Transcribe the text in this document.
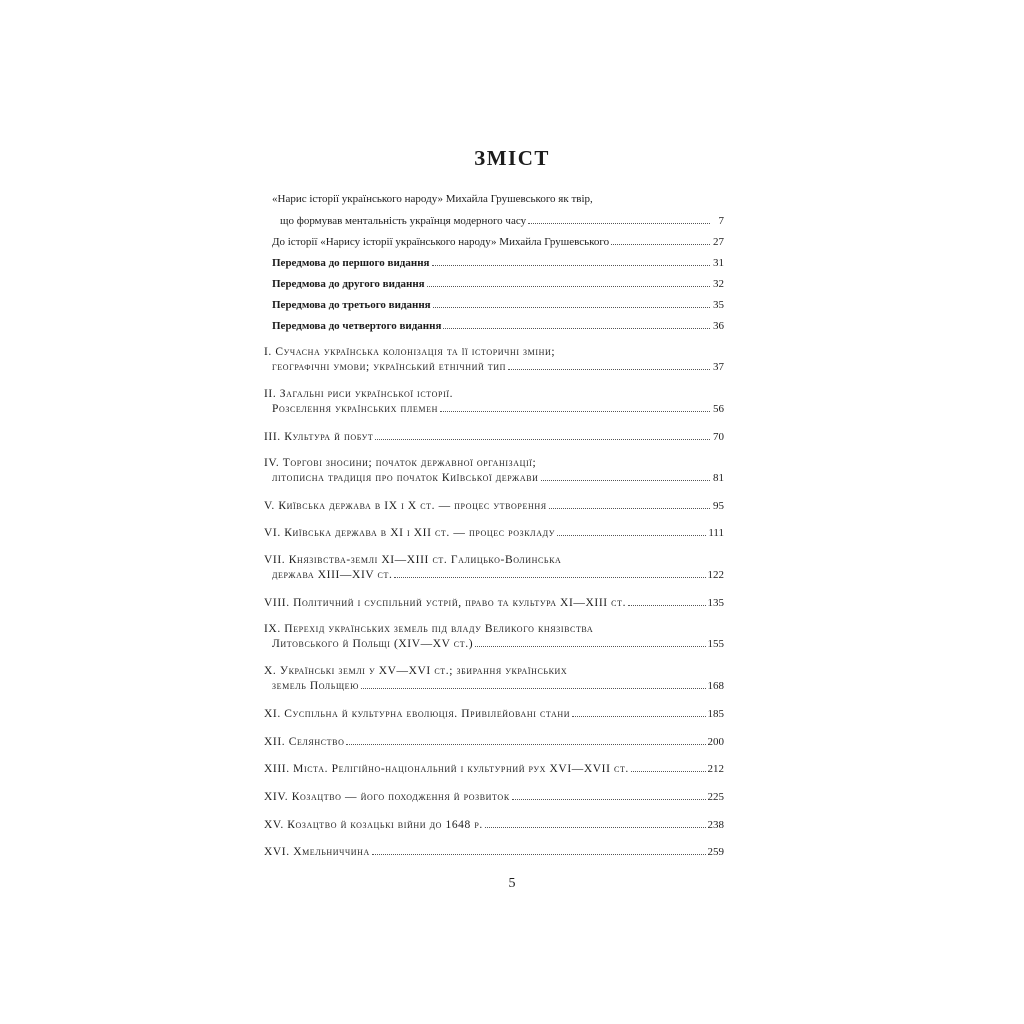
ЗМІСТ
«Нарис історії українського народу» Михайла Грушевського як твір,
що формував ментальність українця модерного часу	7
До історії «Нарису історії українського народу» Михайла Грушевського	27
Передмова до першого видання	31
Передмова до другого видання	32
Передмова до третього видання	35
Передмова до четвертого видання	36
I. Сучасна українська колонізація та її історичні зміни;
географічні умови; український етнічний тип	37
II. Загальні риси української історії.
Розселення українських племен	56
III. Культура й побут	70
IV. Торгові зносини; початок державної організації;
літописна традиція про початок Київської держави	81
V. Київська держава в IX і X ст. — процес утворення	95
VI. Київська держава в XI і XII ст. — процес розкладу	111
VII. Князівства-землі XI—XIII ст. Галицько-Волинська
держава XIII—XIV ст.	122
VIII. Політичний і суспільний устрій, право та культура XI—XIII ст.	135
IX. Перехід українських земель під владу Великого князівства
Литовського й Польщі (XIV—XV ст.)	155
X. Українські землі у XV—XVI ст.; збирання українських
земель Польщею	168
XI. Суспільна й культурна еволюція. Привілейовані стани	185
XII. Селянство	200
XIII. Міста. Релігійно-національний і культурний рух XVI—XVII ст.	212
XIV. Козацтво — його походження й розвиток	225
XV. Козацтво й козацькі війни до 1648 р.	238
XVI. Хмельниччина	259
5
